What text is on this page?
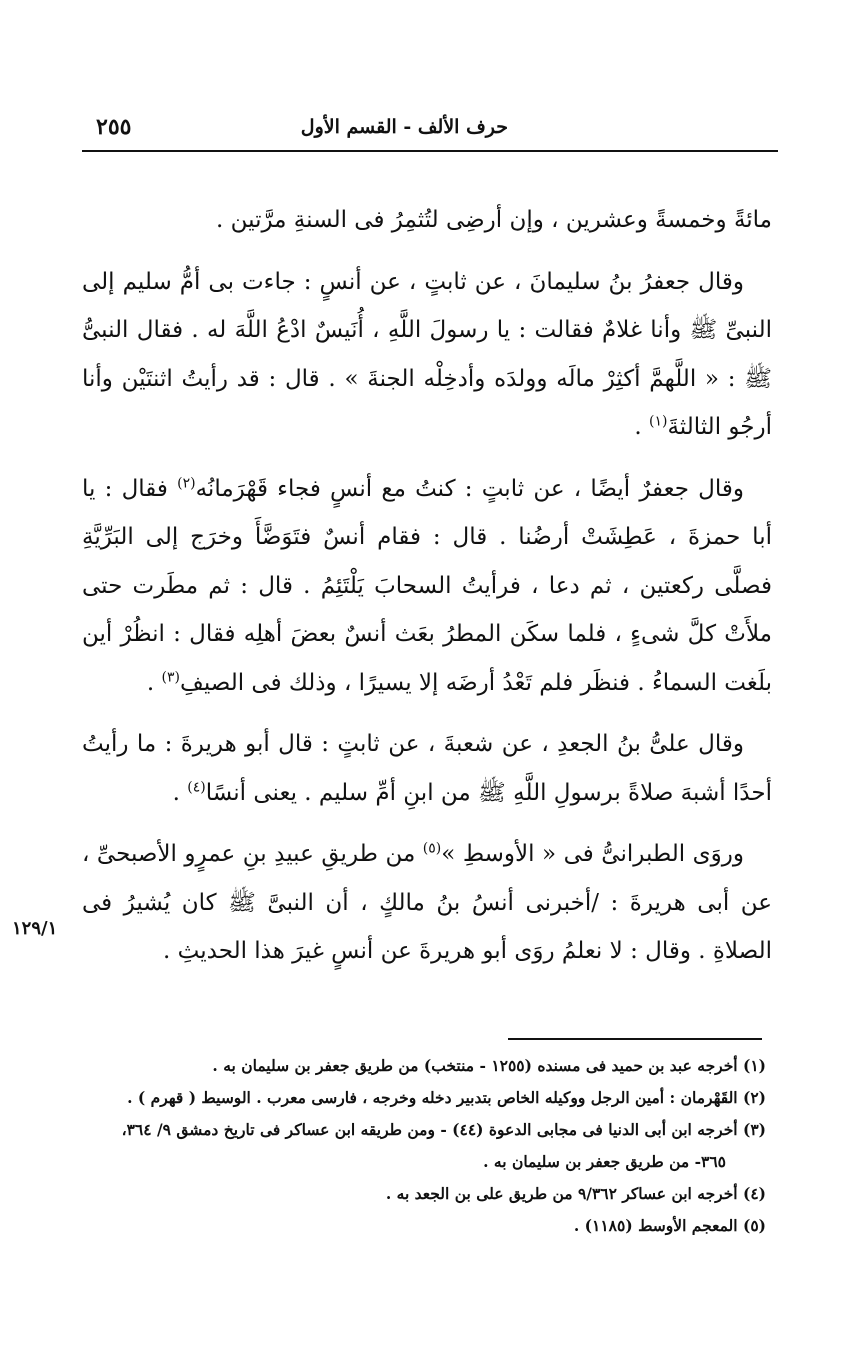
حرف الألف - القسم الأول
٢٥٥

مائةً وخمسةً وعشرين ، وإن أرضِى لتُثمِرُ فى السنةِ مرَّتين .

وقال جعفرُ بنُ سليمانَ ، عن ثابتٍ ، عن أنسٍ : جاءت بى أمُّ سليم إلى النبىِّ ﷺ وأنا غلامٌ فقالت : يا رسولَ اللَّهِ ، أُنَيسٌ ادْعُ اللَّهَ له . فقال النبىُّ ﷺ : « اللَّهمَّ أكثِرْ مالَه وولدَه وأدخِلْه الجنةَ » . قال : قد رأيتُ اثنتَيْن وأنا أرجُو الثالثةَ$^{(١)}$ .

وقال جعفرٌ أيضًا ، عن ثابتٍ : كنتُ مع أنسٍ فجاء قَهْرَمانُه$^{(٢)}$ فقال : يا أبا حمزةَ ، عَطِشَتْ أرضُنا . قال : فقام أنسٌ فتَوَضَّأَ وخرَج إلى البَرِّيَّةِ فصلَّى ركعتين ، ثم دعا ، فرأيتُ السحابَ يَلْتَئِمُ . قال : ثم مطَرت حتى ملأَتْ كلَّ شىءٍ ، فلما سكَن المطرُ بعَث أنسٌ بعضَ أهلِه فقال : انظُرْ أين بلَغت السماءُ . فنظَر فلم تَعْدُ أرضَه إلا يسيرًا ، وذلك فى الصيفِ$^{(٣)}$ .

وقال علىُّ بنُ الجعدِ ، عن شعبةَ ، عن ثابتٍ : قال أبو هريرةَ : ما رأيتُ أحدًا أشبهَ صلاةً برسولِ اللَّهِ ﷺ من ابنِ أمِّ سليم . يعنى أنسًا$^{(٤)}$ .

وروَى الطبرانىُّ فى « الأوسطِ »$^{(٥)}$ من طريقِ عبيدِ بنِ عمرٍو الأصبحىِّ ، عن أبى هريرةَ : /أخبرنى أنسُ بنُ مالكٍ ، أن النبىَّ ﷺ كان يُشيرُ فى الصلاةِ . وقال : لا نعلمُ روَى أبو هريرةَ عن أنسٍ غيرَ هذا الحديثِ .

١٢٩/١

(١) أخرجه عبد بن حميد فى مسنده (١٢٥٥ - منتخب) من طريق جعفر بن سليمان به .

(٢) القَهْرمان : أمين الرجل ووكيله الخاص بتدبير دخله وخرجه ، فارسى معرب . الوسيط ( قهرم ) .

(٣) أخرجه ابن أبى الدنيا فى مجابى الدعوة (٤٤) - ومن طريقه ابن عساكر فى تاريخ دمشق ٩/ ٣٦٤،

٣٦٥- من طريق جعفر بن سليمان به .

(٤) أخرجه ابن عساكر ٩/٣٦٢ من طريق على بن الجعد به .

(٥) المعجم الأوسط (١١٨٥) .
